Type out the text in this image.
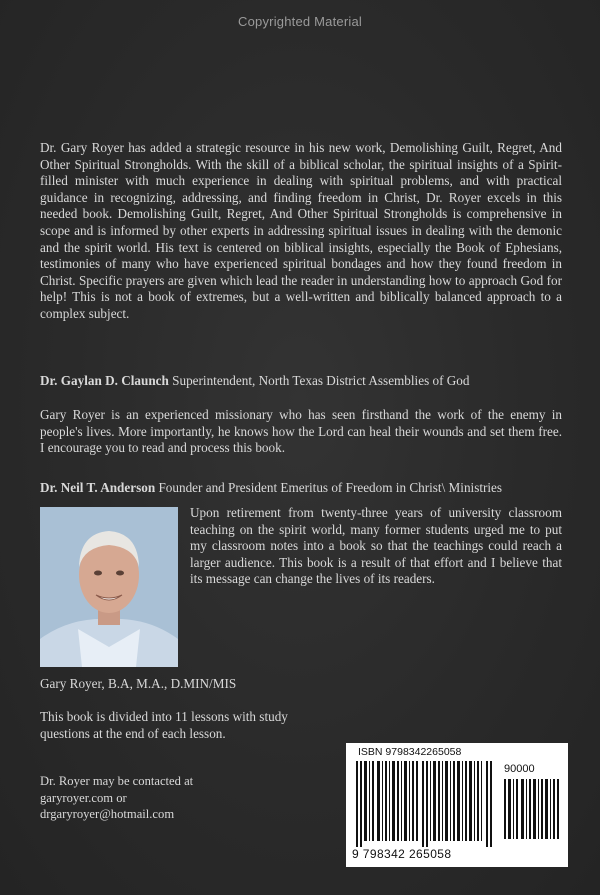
Copyrighted Material
Dr. Gary Royer has added a strategic resource in his new work, Demolishing Guilt, Regret, And Other Spiritual Strongholds. With the skill of a biblical scholar, the spiritual insights of a Spirit-filled minister with much experience in dealing with spiritual problems, and with practical guidance in recognizing, addressing, and finding freedom in Christ, Dr. Royer excels in this needed book. Demolishing Guilt, Regret, And Other Spiritual Strongholds is comprehensive in scope and is informed by other experts in addressing spiritual issues in dealing with the demonic and the spirit world. His text is centered on biblical insights, especially the Book of Ephesians, testimonies of many who have experienced spiritual bondages and how they found freedom in Christ. Specific prayers are given which lead the reader in understanding how to approach God for help! This is not a book of extremes, but a well-written and biblically balanced approach to a complex subject.
Dr. Gaylan D. Claunch Superintendent, North Texas District Assemblies of God
Gary Royer is an experienced missionary who has seen firsthand the work of the enemy in people's lives. More importantly, he knows how the Lord can heal their wounds and set them free. I encourage you to read and process this book.
Dr. Neil T. Anderson Founder and President Emeritus of Freedom in Christ\ Ministries
Upon retirement from twenty-three years of university classroom teaching on the spirit world, many former students urged me to put my classroom notes into a book so that the teachings could reach a larger audience. This book is a result of that effort and I believe that its message can change the lives of its readers.
Gary Royer, B.A, M.A., D.MIN/MIS
This book is divided into 11 lessons with study questions at the end of each lesson.
Dr. Royer may be contacted at
garyroyer.com or
drgaryroyer@hotmail.com
ISBN 9798342265058
90000
9 798342 265058
